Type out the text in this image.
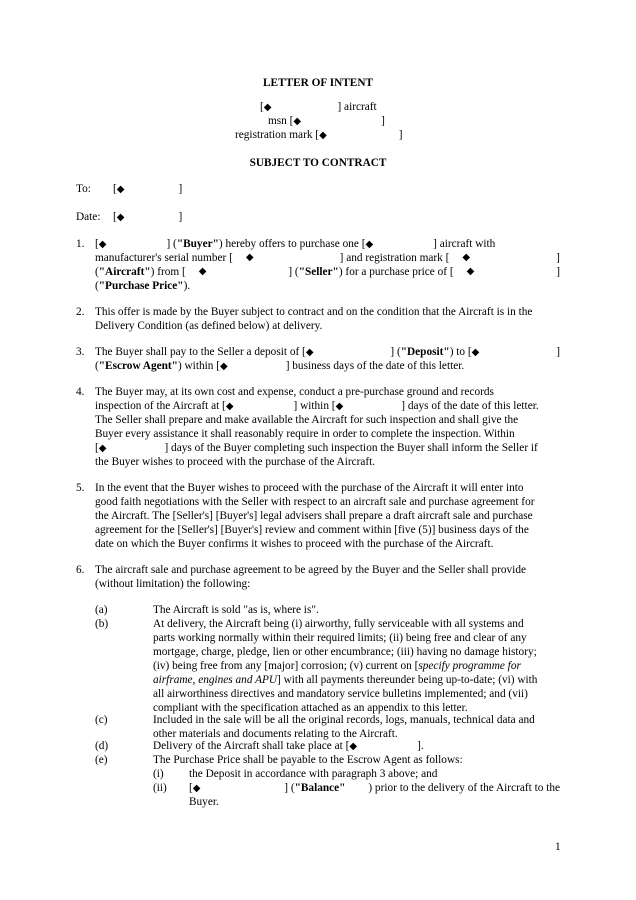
LETTER OF INTENT
[◆	] aircraft
msn [◆	]
registration mark [◆	]
SUBJECT TO CONTRACT
To: [◆	]
Date: [◆	]
1. [◆	] ("Buyer") hereby offers to purchase one [◆	] aircraft with
manufacturer's serial number [ ◆	] and registration mark [ ◆	]
("Aircraft") from [ ◆	] ("Seller") for a purchase price of [ ◆	]
("Purchase Price").
2. This offer is made by the Buyer subject to contract and on the condition that the Aircraft is in the
Delivery Condition (as defined below) at delivery.
3. The Buyer shall pay to the Seller a deposit of [◆	] ("Deposit") to [◆	]
("Escrow Agent") within [◆	] business days of the date of this letter.
4. The Buyer may, at its own cost and expense, conduct a pre-purchase ground and records
inspection of the Aircraft at [◆	] within [◆	] days of the date of this letter.
The Seller shall prepare and make available the Aircraft for such inspection and shall give the
Buyer every assistance it shall reasonably require in order to complete the inspection. Within
[◆	] days of the Buyer completing such inspection the Buyer shall inform the Seller if
the Buyer wishes to proceed with the purchase of the Aircraft.
5. In the event that the Buyer wishes to proceed with the purchase of the Aircraft it will enter into
good faith negotiations with the Seller with respect to an aircraft sale and purchase agreement for
the Aircraft. The [Seller's] [Buyer's] legal advisers shall prepare a draft aircraft sale and purchase
agreement for the [Seller's] [Buyer's] review and comment within [five (5)] business days of the
date on which the Buyer confirms it wishes to proceed with the purchase of the Aircraft.
6. The aircraft sale and purchase agreement to be agreed by the Buyer and the Seller shall provide
(without limitation) the following:
(a)	The Aircraft is sold "as is, where is".
(b)	At delivery, the Aircraft being (i) airworthy, fully serviceable with all systems and
parts working normally within their required limits; (ii) being free and clear of any
mortgage, charge, pledge, lien or other encumbrance; (iii) having no damage history;
(iv) being free from any [major] corrosion; (v) current on [specify programme for
airframe, engines and APU] with all payments thereunder being up-to-date; (vi) with
all airworthiness directives and mandatory service bulletins implemented; and (vii)
compliant with the specification attached as an appendix to this letter.
(c)	Included in the sale will be all the original records, logs, manuals, technical data and
other materials and documents relating to the Aircraft.
(d)	Delivery of the Aircraft shall take place at [◆	].
(e)	The Purchase Price shall be payable to the Escrow Agent as follows:
(i) the Deposit in accordance with paragraph 3 above; and
(ii) [◆	] ("Balance" ) prior to the delivery of the Aircraft to the
Buyer.
1
